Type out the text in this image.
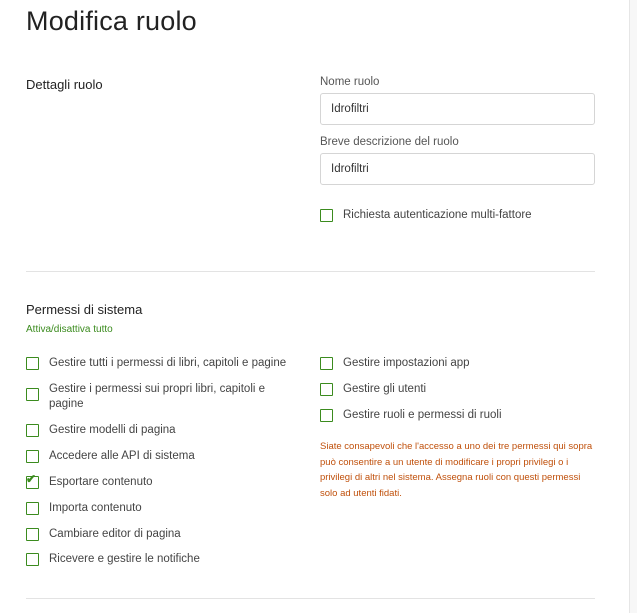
Modifica ruolo
Dettagli ruolo	Nome ruolo
Idrofiltri
Breve descrizione del ruolo
Idrofiltri
Richiesta autenticazione multi-fattore
Permessi di sistema
Attiva/disattiva tutto
Gestire tutti i permessi di libri, capitoli e pagine
Gestire i permessi sui propri libri, capitoli e pagine
Gestire modelli di pagina
Accedere alle API di sistema
✔ Esportare contenuto
Importa contenuto
Cambiare editor di pagina
Ricevere e gestire le notifiche
Gestire impostazioni app
Gestire gli utenti
Gestire ruoli e permessi di ruoli
Siate consapevoli che l'accesso a uno dei tre permessi qui sopra può consentire a un utente di modificare i propri privilegi o i privilegi di altri nel sistema. Assegna ruoli con questi permessi solo ad utenti fidati.
